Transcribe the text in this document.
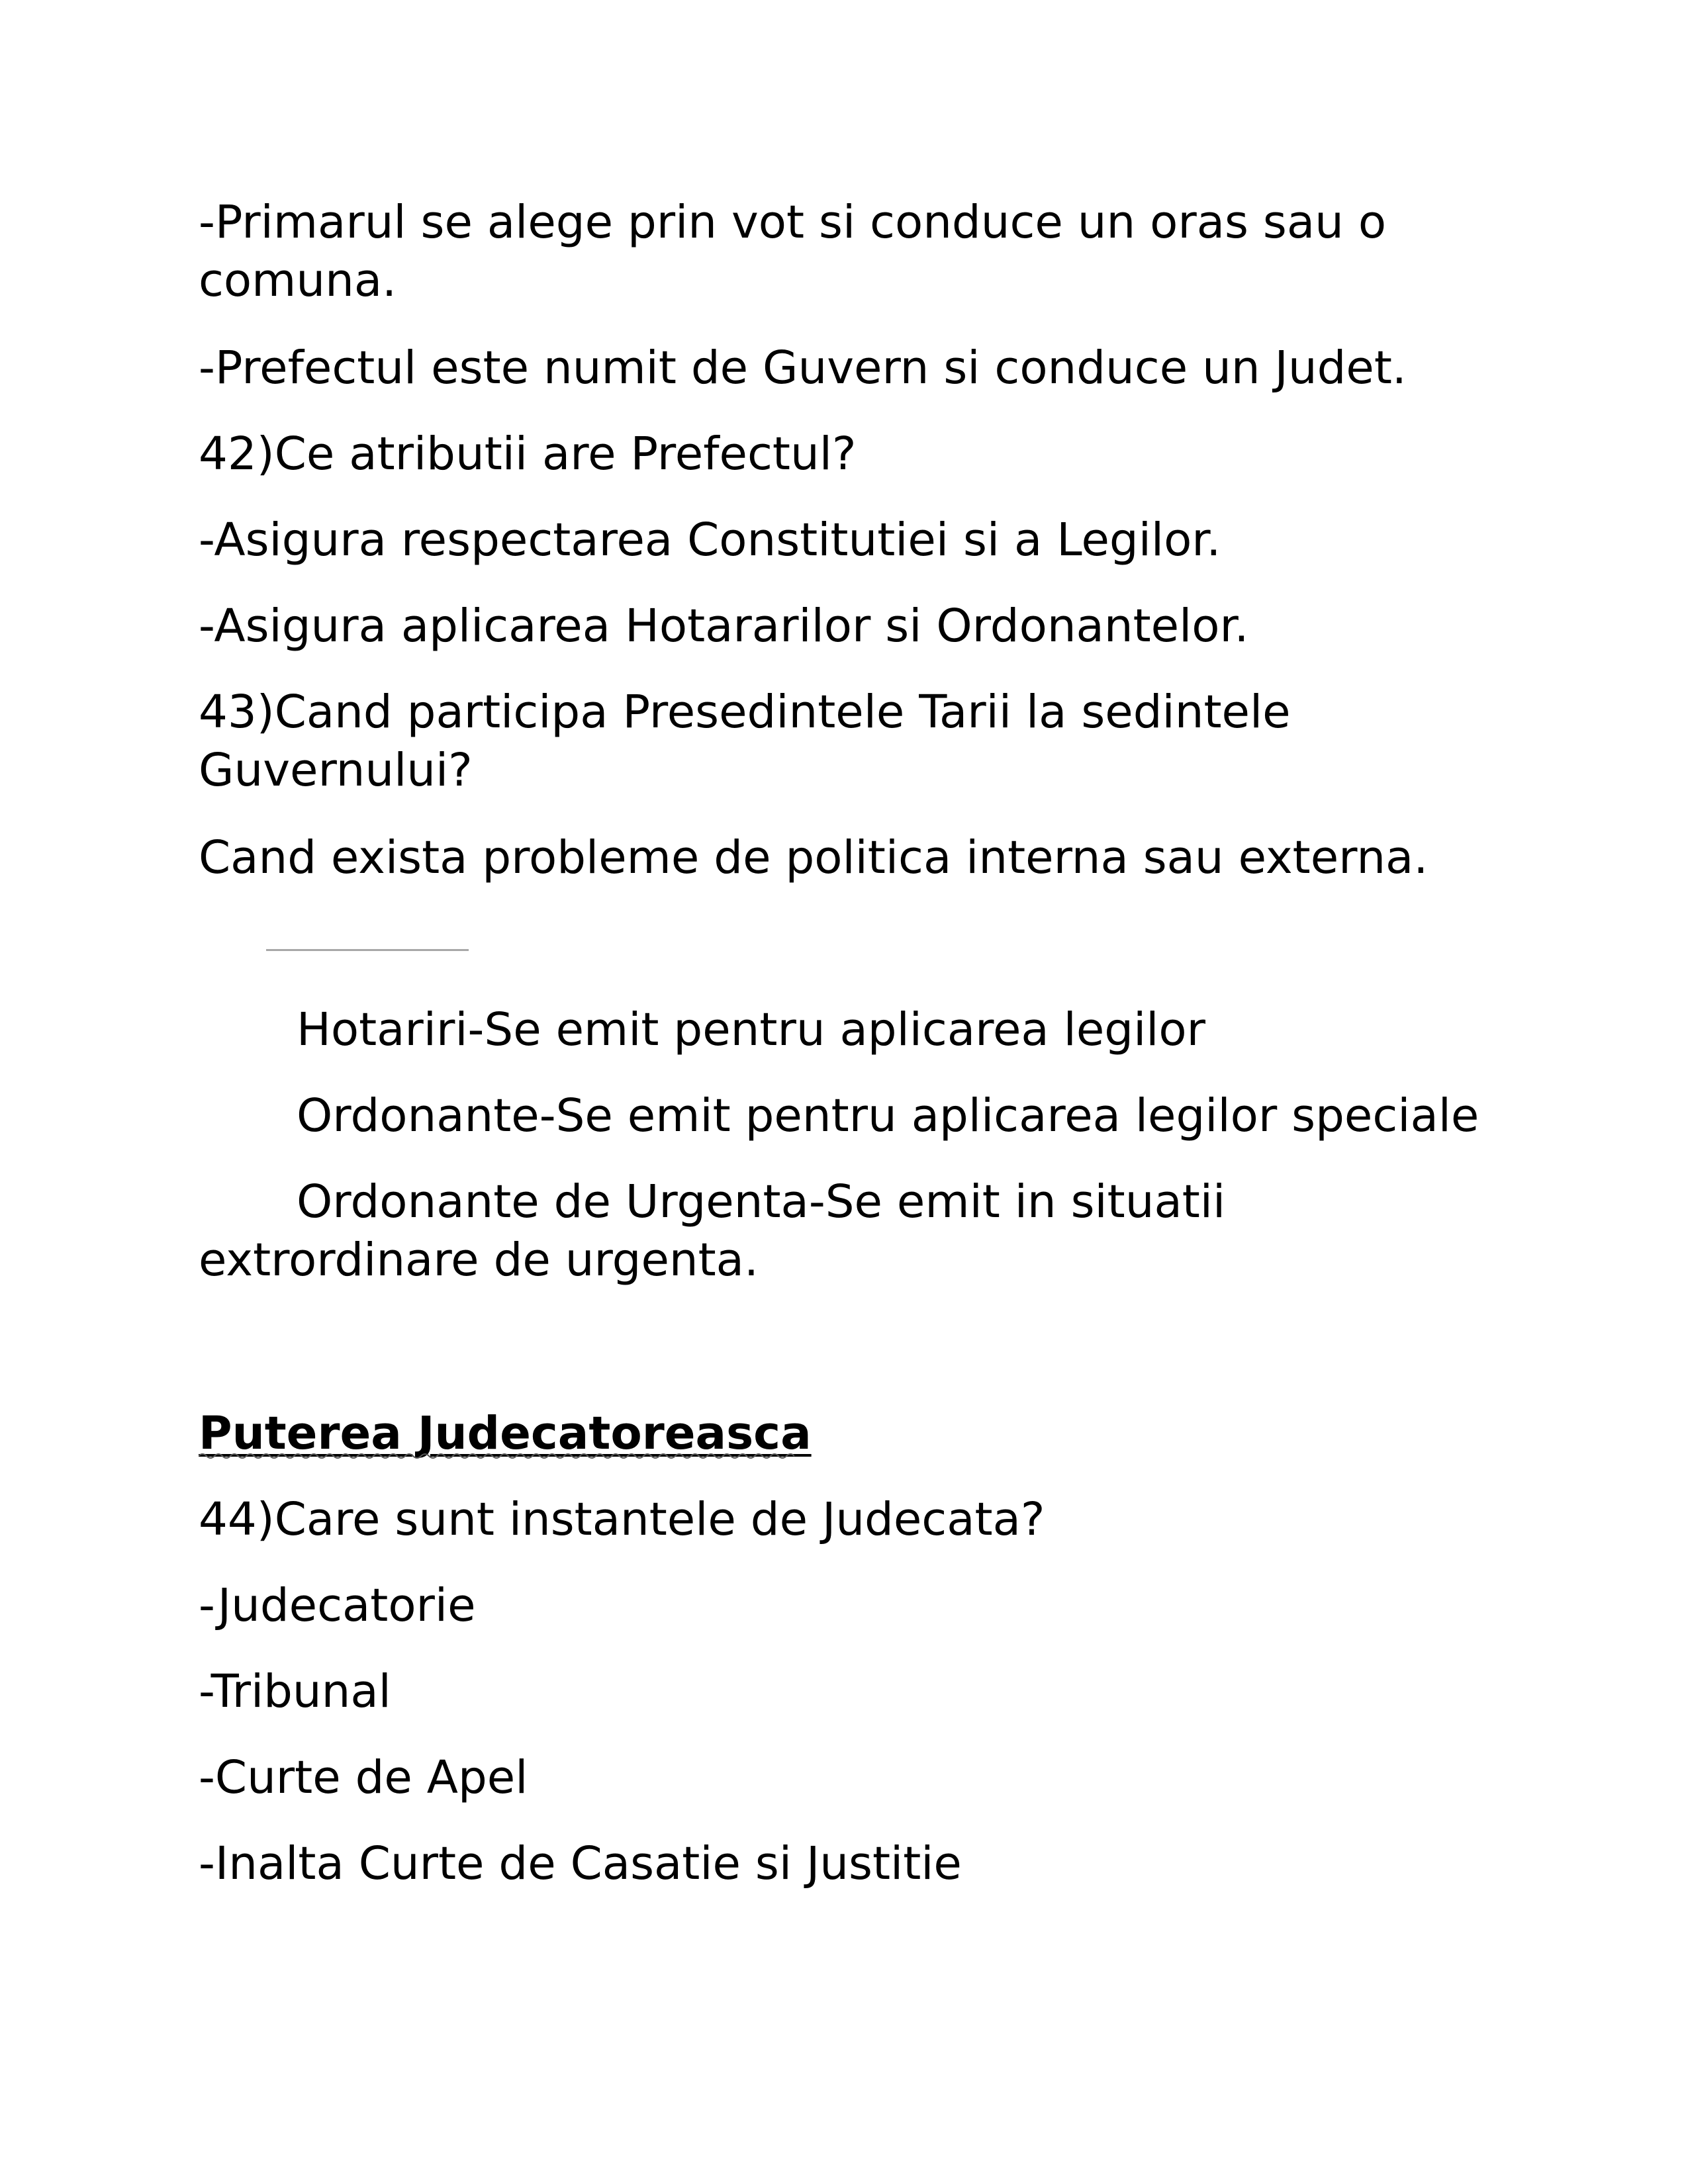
-Primarul se alege prin vot si conduce un oras sau o comuna.
-Prefectul este numit de Guvern si conduce un Judet.
42)Ce atributii are Prefectul?
-Asigura respectarea Constitutiei si a Legilor.
-Asigura aplicarea Hotararilor si Ordonantelor.
43)Cand participa Presedintele Tarii la sedintele Guvernului?
Cand exista probleme de politica interna sau externa.
Hotariri-Se emit pentru aplicarea legilor
Ordonante-Se emit pentru aplicarea legilor speciale
Ordonante de Urgenta-Se emit in situatii extrordinare de urgenta.
Puterea Judecatoreasca
44)Care sunt instantele de Judecata?
-Judecatorie
-Tribunal
-Curte de Apel
-Inalta Curte de Casatie si Justitie
